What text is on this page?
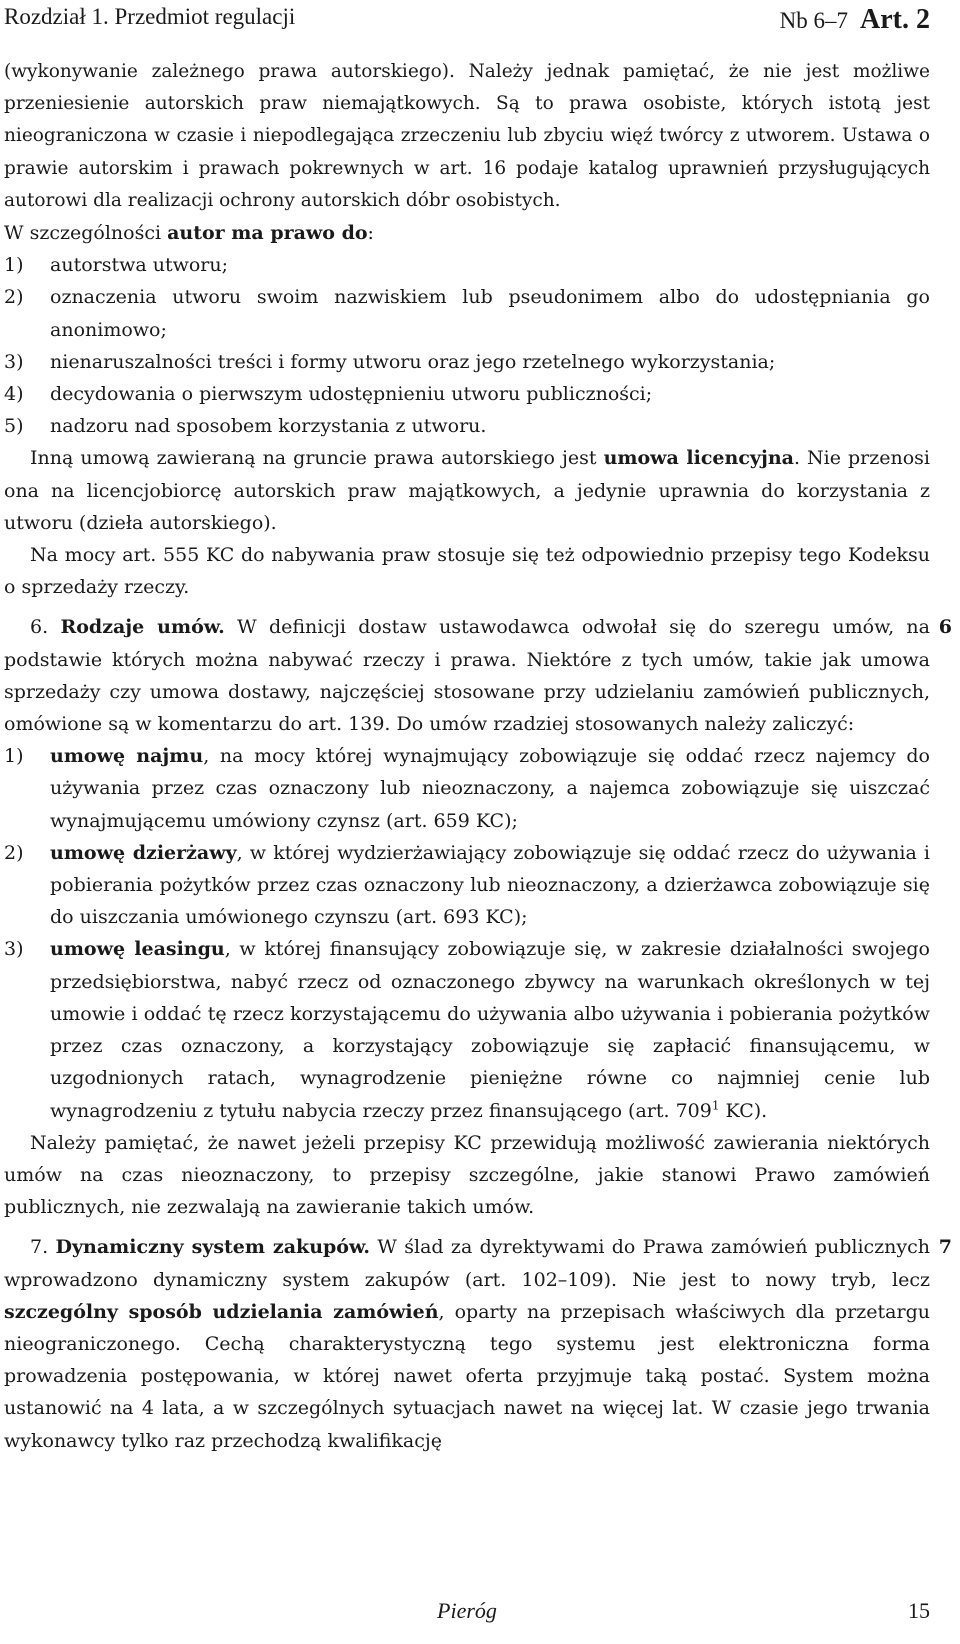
Rozdział 1. Przedmiot regulacji	Nb 6–7 Art. 2

(wykonywanie zależnego prawa autorskiego). Należy jednak pamiętać, że nie jest możliwe przeniesienie autorskich praw niemajątkowych. Są to prawa osobiste, których istotą jest nieograniczona w czasie i niepodlegająca zrzeczeniu lub zbyciu więź twórcy z utworem. Ustawa o prawie autorskim i prawach pokrewnych w art. 16 podaje katalog uprawnień przysługujących autorowi dla realizacji ochrony autorskich dóbr osobistych.

W szczególności autor ma prawo do:

1)	autorstwa utworu;
2)	oznaczenia utworu swoim nazwiskiem lub pseudonimem albo do udostępniania go anonimowo;
3)	nienaruszalności treści i formy utworu oraz jego rzetelnego wykorzystania;
4)	decydowania o pierwszym udostępnieniu utworu publiczności;
5)	nadzoru nad sposobem korzystania z utworu.

Inną umową zawieraną na gruncie prawa autorskiego jest umowa licencyjna. Nie przenosi ona na licencjobiorcę autorskich praw majątkowych, a jedynie uprawnia do korzystania z utworu (dzieła autorskiego).

Na mocy art. 555 KC do nabywania praw stosuje się też odpowiednio przepisy tego Kodeksu o sprzedaży rzeczy.

6

6. Rodzaje umów. W definicji dostaw ustawodawca odwołał się do szeregu umów, na podstawie których można nabywać rzeczy i prawa. Niektóre z tych umów, takie jak umowa sprzedaży czy umowa dostawy, najczęściej stosowane przy udzielaniu zamówień publicznych, omówione są w komentarzu do art. 139. Do umów rzadziej stosowanych należy zaliczyć:

1)	umowę najmu, na mocy której wynajmujący zobowiązuje się oddać rzecz najemcy do używania przez czas oznaczony lub nieoznaczony, a najemca zobowiązuje się uiszczać wynajmującemu umówiony czynsz (art. 659 KC);
2)	umowę dzierżawy, w której wydzierżawiający zobowiązuje się oddać rzecz do używania i pobierania pożytków przez czas oznaczony lub nieoznaczony, a dzierżawca zobowiązuje się do uiszczania umówionego czynszu (art. 693 KC);
3)	umowę leasingu, w której finansujący zobowiązuje się, w zakresie działalności swojego przedsiębiorstwa, nabyć rzecz od oznaczonego zbywcy na warunkach określonych w tej umowie i oddać tę rzecz korzystającemu do używania albo używania i pobierania pożytków przez czas oznaczony, a korzystający zobowiązuje się zapłacić finansującemu, w uzgodnionych ratach, wynagrodzenie pieniężne równe co najmniej cenie lub wynagrodzeniu z tytułu nabycia rzeczy przez finansującego (art. $709^1$ KC).

Należy pamiętać, że nawet jeżeli przepisy KC przewidują możliwość zawierania niektórych umów na czas nieoznaczony, to przepisy szczególne, jakie stanowi Prawo zamówień publicznych, nie zezwalają na zawieranie takich umów.

7

7. Dynamiczny system zakupów. W ślad za dyrektywami do Prawa zamówień publicznych wprowadzono dynamiczny system zakupów (art. 102–109). Nie jest to nowy tryb, lecz szczególny sposób udzielania zamówień, oparty na przepisach właściwych dla przetargu nieograniczonego. Cechą charakterystyczną tego systemu jest elektroniczna forma prowadzenia postępowania, w której nawet oferta przyjmuje taką postać. System można ustanowić na 4 lata, a w szczególnych sytuacjach nawet na więcej lat. W czasie jego trwania wykonawcy tylko raz przechodzą kwalifikację

Pieróg	15
